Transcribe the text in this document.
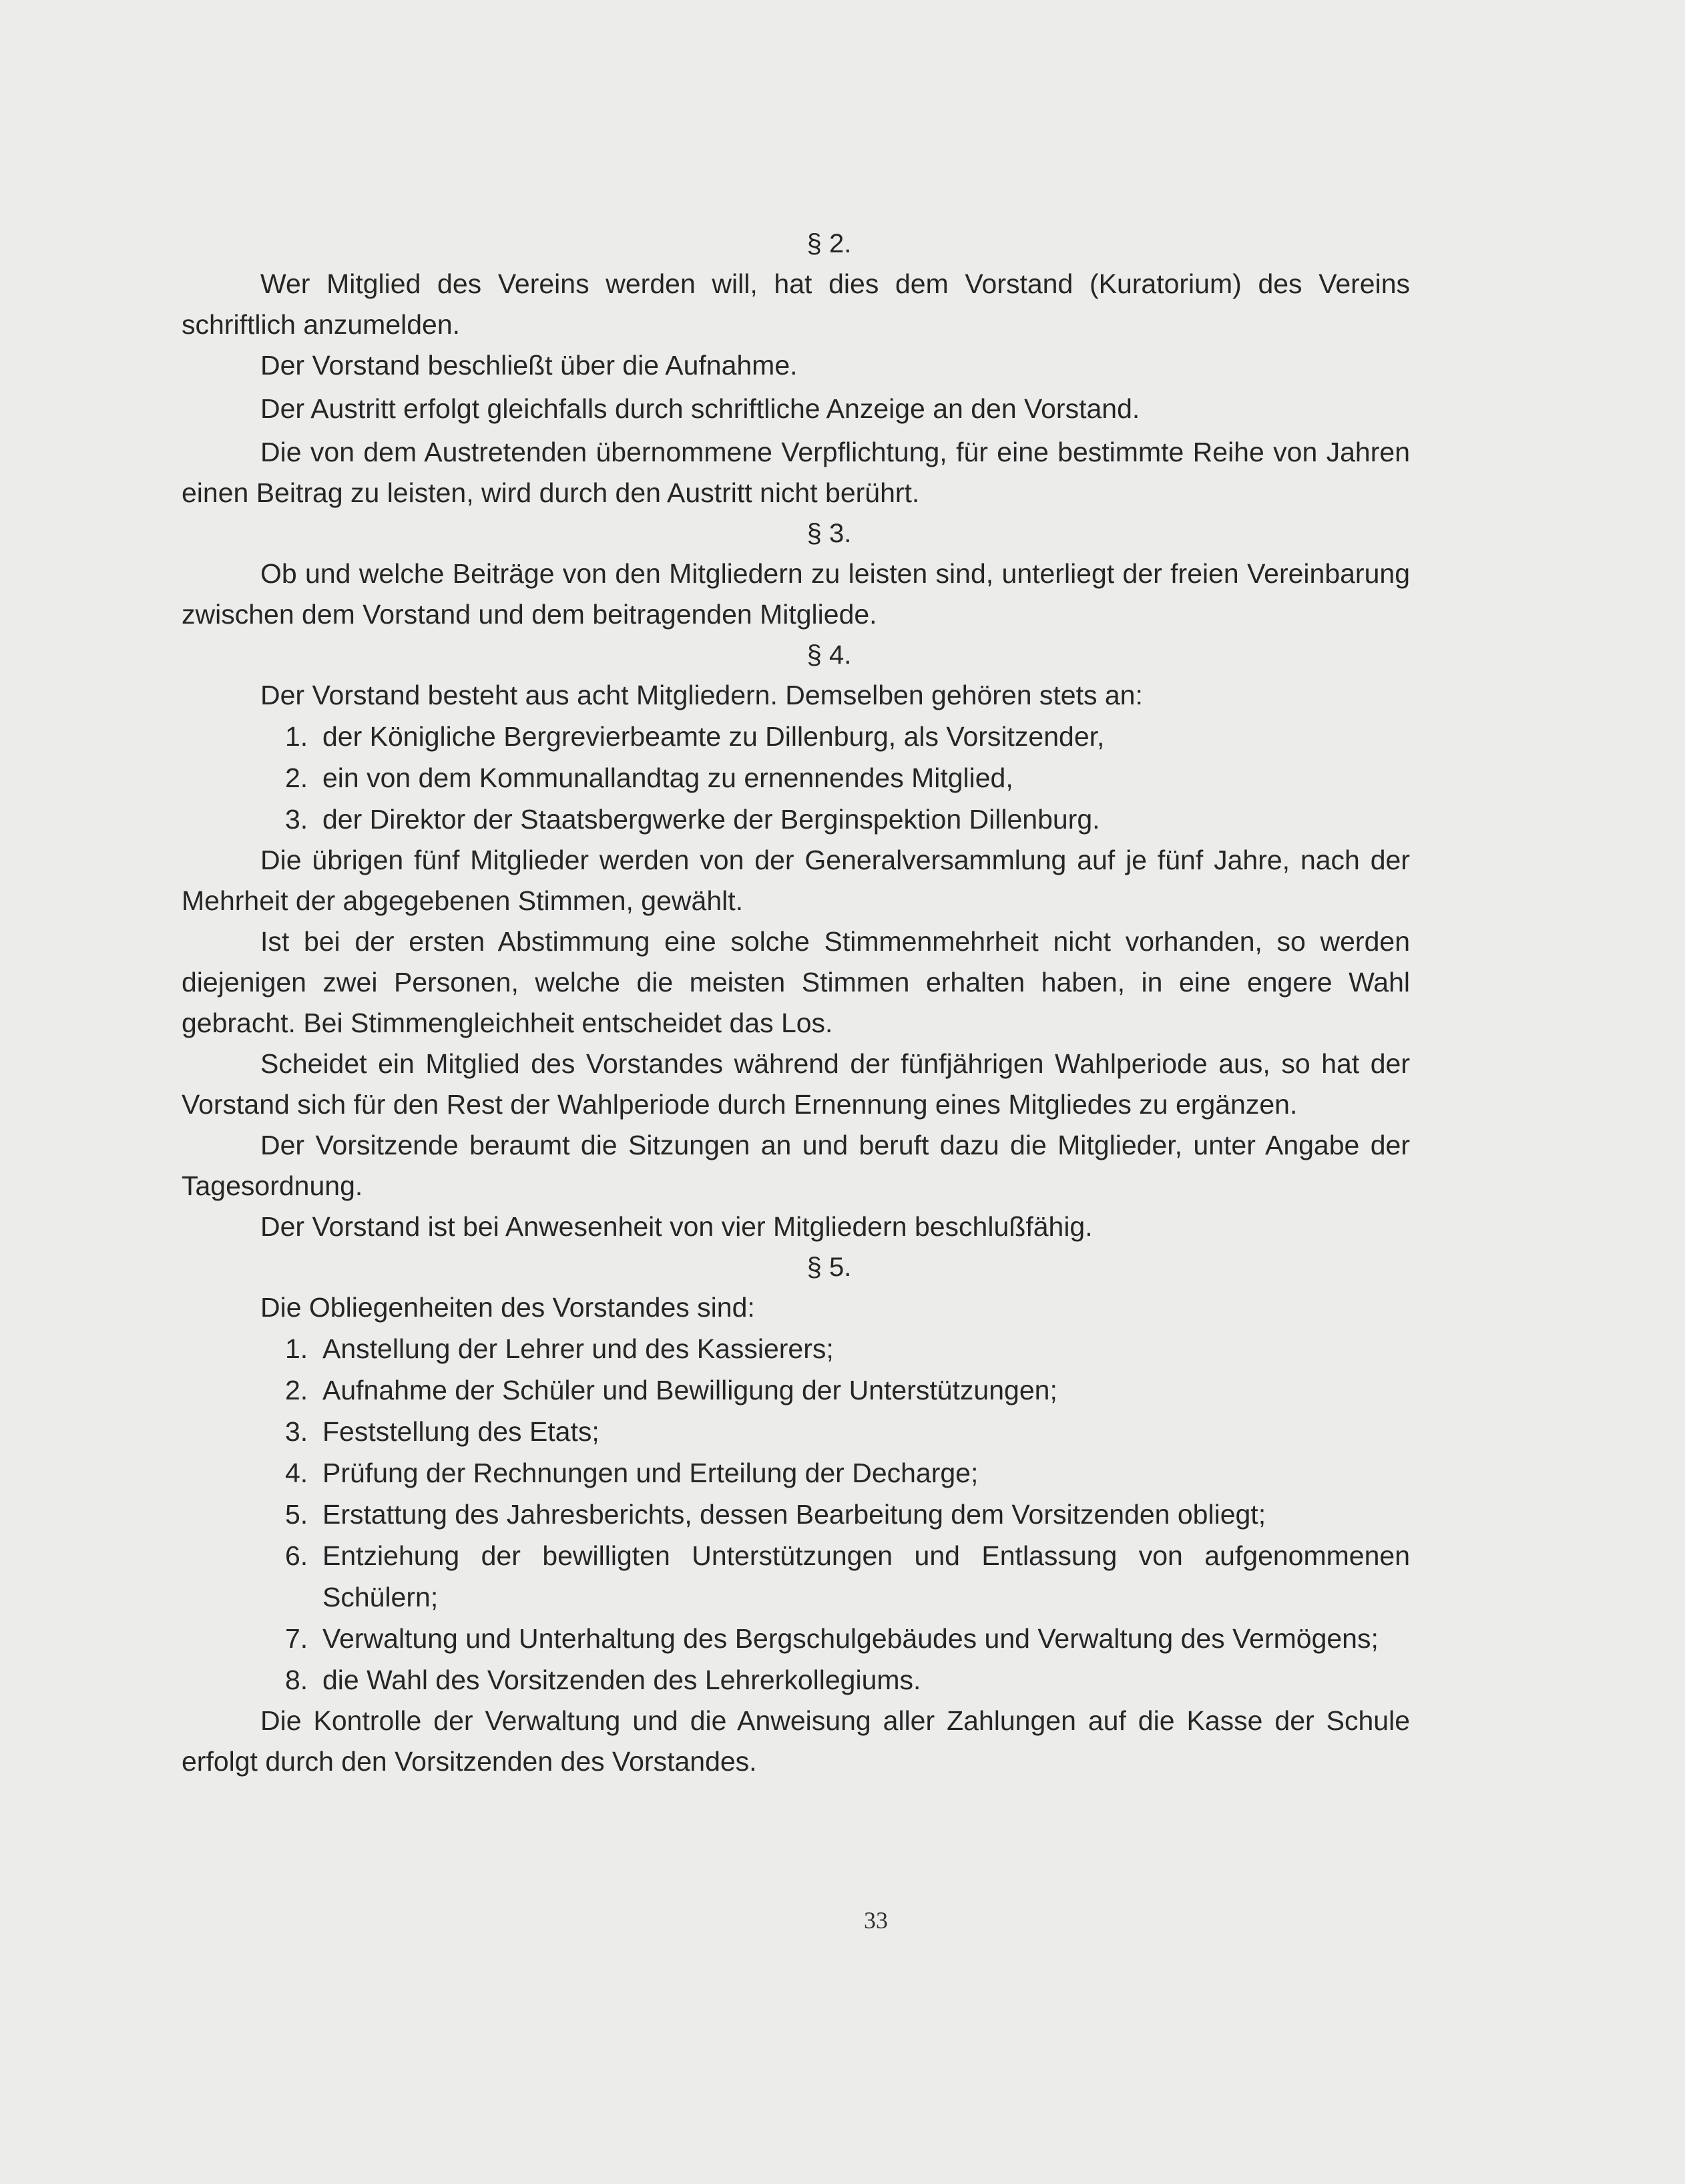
§ 2.

Wer Mitglied des Vereins werden will, hat dies dem Vorstand (Kuratorium) des Vereins schriftlich anzumelden.

Der Vorstand beschließt über die Aufnahme.

Der Austritt erfolgt gleichfalls durch schriftliche Anzeige an den Vorstand.

Die von dem Austretenden übernommene Verpflichtung, für eine bestimmte Reihe von Jahren einen Beitrag zu leisten, wird durch den Austritt nicht berührt.

§ 3.

Ob und welche Beiträge von den Mitgliedern zu leisten sind, unterliegt der freien Vereinbarung zwischen dem Vorstand und dem beitragenden Mitgliede.

§ 4.

Der Vorstand besteht aus acht Mitgliedern. Demselben gehören stets an:

1. der Königliche Bergrevierbeamte zu Dillenburg, als Vorsitzender,
2. ein von dem Kommunallandtag zu ernennendes Mitglied,
3. der Direktor der Staatsbergwerke der Berginspektion Dillenburg.

Die übrigen fünf Mitglieder werden von der Generalversammlung auf je fünf Jahre, nach der Mehrheit der abgegebenen Stimmen, gewählt.

Ist bei der ersten Abstimmung eine solche Stimmenmehrheit nicht vorhanden, so werden diejenigen zwei Personen, welche die meisten Stimmen erhalten haben, in eine engere Wahl gebracht. Bei Stimmengleichheit entscheidet das Los.

Scheidet ein Mitglied des Vorstandes während der fünfjährigen Wahlperiode aus, so hat der Vorstand sich für den Rest der Wahlperiode durch Ernennung eines Mitgliedes zu ergänzen.

Der Vorsitzende beraumt die Sitzungen an und beruft dazu die Mitglieder, unter Angabe der Tagesordnung.

Der Vorstand ist bei Anwesenheit von vier Mitgliedern beschlußfähig.

§ 5.

Die Obliegenheiten des Vorstandes sind:

1. Anstellung der Lehrer und des Kassierers;
2. Aufnahme der Schüler und Bewilligung der Unterstützungen;
3. Feststellung des Etats;
4. Prüfung der Rechnungen und Erteilung der Decharge;
5. Erstattung des Jahresberichts, dessen Bearbeitung dem Vorsitzenden obliegt;
6. Entziehung der bewilligten Unterstützungen und Entlassung von aufgenommenen Schülern;
7. Verwaltung und Unterhaltung des Bergschulgebäudes und Verwaltung des Vermögens;
8. die Wahl des Vorsitzenden des Lehrerkollegiums.

Die Kontrolle der Verwaltung und die Anweisung aller Zahlungen auf die Kasse der Schule erfolgt durch den Vorsitzenden des Vorstandes.

33
